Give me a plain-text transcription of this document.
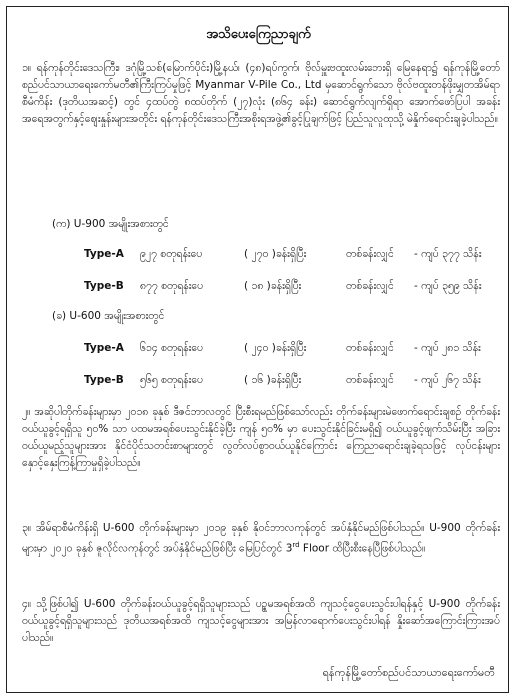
အသိပေးကြေညာချက်
၁။ ရန်ကုန်တိုင်းဒေသကြီး၊ ဒဂုံမြို့သစ်(မြောက်ပိုင်း)မြို့နယ်၊ (၄၈)ရပ်ကွက်၊ ဗိုလ်မှူးဗထူးလမ်းဘေးရှိ မြေနေရာ၌ ရန်ကုန်မြို့တော်စည်ပင်သာယာရေးကော်မတီ၏ကြီးကြပ်မှုဖြင့် Myanmar V-Pile Co., Ltd မှဆောင်ရွက်သော ဗိုလ်ဗထူးတန်ဖိုးမျှတအိမ်ရာစီမံကိန်း (ဒုတိယအဆင့်) တွင် ၄ထပ်တွဲ ၈ထပ်တိုက် (၂၇)လုံး (၈၆၄ ခန်း) ဆောင်ရွက်လျက်ရှိရာ အောက်ဖော်ပြပါ အခန်းအရေအတွက်နှင့်ဈေးနှုန်းများအတိုင်း ရန်ကုန်တိုင်းဒေသကြီးအစိုးရအဖွဲ့၏ခွင့်ပြုချက်ဖြင့် ပြည်သူလူထုသို့ မဲနှိုက်ရောင်းချခဲ့ပါသည်။
(က) U-900 အမျိုးအစားတွင်
Type-A ၉၂၇ စတုရန်းပေ	( ၂၇၀ )ခန်းရှိပြီး	တစ်ခန်းလျှင် - ကျပ် ၃၇၇ သိန်း
Type-B ၈၇၇ စတုရန်းပေ	( ၁၈ )ခန်းရှိပြီး	တစ်ခန်းလျှင် - ကျပ် ၃၅၉ သိန်း
(ခ) U-600 အမျိုးအစားတွင်
Type-A ၆၁၄ စတုရန်းပေ	( ၂၄၀ )ခန်းရှိပြီး	တစ်ခန်းလျှင် - ကျပ် ၂၈၁ သိန်း
Type-B ၅၆၅ စတုရန်းပေ	( ၁၆ )ခန်းရှိပြီး	တစ်ခန်းလျှင် - ကျပ် ၂၆၇ သိန်း
၂။ အဆိုပါတိုက်ခန်းများမှာ ၂၀၁၈ ခုနှစ် ဒီဇင်ဘာလတွင် ပြီးစီးရမည်ဖြစ်သော်လည်း တိုက်ခန်းများမဲဖောက်ရောင်းချစဉ် တိုက်ခန်းဝယ်ယူခွင့်ရရှိသူ ၅၀% သာ ပထမအရစ်ပေးသွင်းနိုင်ခဲ့ပြီး ကျန် ၅၀% မှာ ပေးသွင်းနိုင်ခြင်းမရှိ၍ ဝယ်ယူခွင့်ဖျက်သိမ်းပြီး အခြားဝယ်ယူမည့်သူများအား နိုင်ငံပိုင်သတင်းစာများတွင် လွတ်လပ်စွာဝယ်ယူနိုင်ကြောင်း ကြေညာရောင်းချခဲ့ရသဖြင့် လုပ်ငန်းများနှောင့်နှေးကြန့်ကြာမှုရှိခဲ့ပါသည်။
၃။ အိမ်ရာစီမံကိန်းရှိ U-600 တိုက်ခန်းများမှာ ၂၀၁၉ ခုနှစ် နိုဝင်ဘာလကုန်တွင် အပ်နှံနိုင်မည်ဖြစ်ပါသည်။ U-900 တိုက်ခန်းများမှာ ၂၀၂၀ ခုနှစ် ဇူလိုင်လကုန်တွင် အပ်နှံနိုင်မည်ဖြစ်ပြီး မြေပြင်တွင် 3rd Floor ထိပြီးစီးနေပြီဖြစ်ပါသည်။
၄။ သို့ဖြစ်ပါ၍ U-600 တိုက်ခန်းဝယ်ယူခွင့်ရရှိသူများသည် ပဉ္စမအရစ်အထိ ကျသင့်ငွေပေးသွင်းပါရန်နှင့် U-900 တိုက်ခန်းဝယ်ယူခွင့်ရရှိသူများသည် ဒုတိယအရစ်အထိ ကျသင့်ငွေများအား အမြန်လာရောက်ပေးသွင်းပါရန် နှိုးဆော်အကြောင်းကြားအပ်ပါသည်။
ရန်ကုန်မြို့တော်စည်ပင်သာယာရေးကော်မတီ
